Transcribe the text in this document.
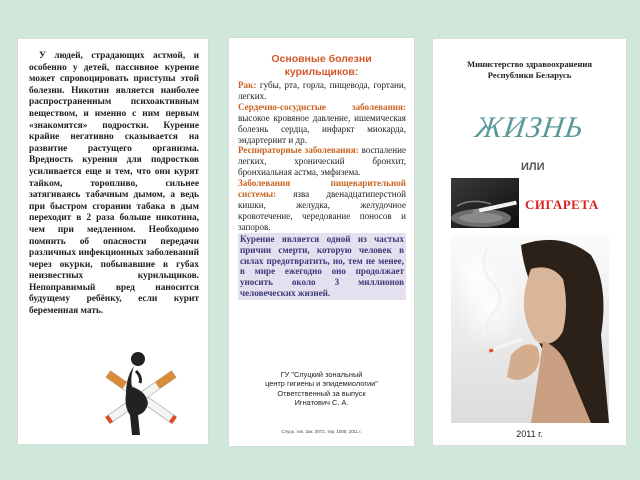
У людей, страдающих астмой, и особенно у детей, пассивное курение может спровоцировать приступы этой болезни. Никотин является наиболее распространенным психоактивным веществом, и именно с ним первым «знакомятся» подростки. Курение крайне негативно сказывается на развитие растущего организма. Вредность курения для подростков усиливается еще и тем, что они курят тайком, торопливо, сильнее затягиваясь табачным дымом, а ведь при быстром сгорании табака в дым переходит в 2 раза больше никотина, чем при медленном. Необходимо помнить об опасности передачи различных инфекционных заболеваний через окурки, побывавшие в губах неизвестных курильщиков. Непоправимый вред наносится будущему ребёнку, если курит беременная мать.
Основные болезни
курильщиков:

Рак: губы, рта, горла, пищевода, гортани, легких.

Сердечно-сосудистые заболевания: высокое кровяное давление, ишемическая болезнь сердца, инфаркт миокарда, эндартериит и др.

Респираторные заболевания: воспаление легких, хронический бронхит, бронхиальная астма, эмфизема.

Заболевания пищеварительной системы: язва двенадцатиперстной кишки, желудка, желудочное кровотечение, чередование поносов и запоров.

Курение является одной из частых причин смерти, которую человек в силах предотвратить, но, тем не менее, в мире ежегодно оно продолжает уносить около 3 миллионов человеческих жизней.

ГУ "Слуцкий зональный
центр гигиены и эпидемиологии"
Ответственный за выпуск
Игнатович С. А.
Слуцк. тип. Зак. 3072, тир. 1000, 2011 г.
Министерство здравоохранения
Республики Беларусь
ЖИЗНЬ
ИЛИ
СИГАРЕТА
2011 г.
